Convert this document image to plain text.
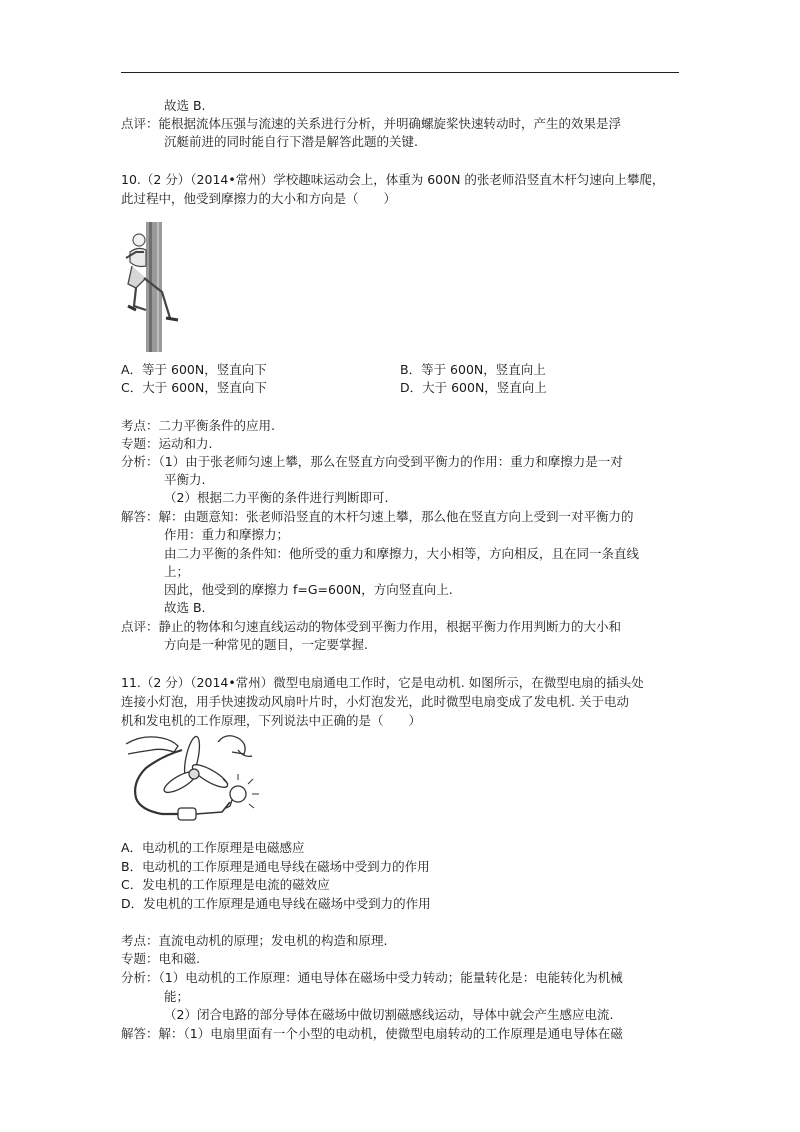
故选 B.
点评：能根据流体压强与流速的关系进行分析，并明确螺旋桨快速转动时，产生的效果是浮
沉艇前进的同时能自行下潜是解答此题的关键.
10.（2 分）（2014•常州）学校趣味运动会上，体重为 600N 的张老师沿竖直木杆匀速向上攀爬，
此过程中，他受到摩擦力的大小和方向是（　　）
A．等于 600N，竖直向下	B．等于 600N，竖直向上
C．大于 600N，竖直向下	D．大于 600N，竖直向上
考点：二力平衡条件的应用.
专题：运动和力.
分析：（1）由于张老师匀速上攀，那么在竖直方向受到平衡力的作用：重力和摩擦力是一对
平衡力.
（2）根据二力平衡的条件进行判断即可.
解答：解：由题意知：张老师沿竖直的木杆匀速上攀，那么他在竖直方向上受到一对平衡力的
作用：重力和摩擦力；
由二力平衡的条件知：他所受的重力和摩擦力，大小相等，方向相反，且在同一条直线
上；
因此，他受到的摩擦力 f=G=600N，方向竖直向上.
故选 B.
点评：静止的物体和匀速直线运动的物体受到平衡力作用，根据平衡力作用判断力的大小和
方向是一种常见的题目，一定要掌握.
11.（2 分）（2014•常州）微型电扇通电工作时，它是电动机. 如图所示，在微型电扇的插头处
连接小灯泡，用手快速拨动风扇叶片时，小灯泡发光，此时微型电扇变成了发电机. 关于电动
机和发电机的工作原理，下列说法中正确的是（　　）
A．电动机的工作原理是电磁感应
B．电动机的工作原理是通电导线在磁场中受到力的作用
C．发电机的工作原理是电流的磁效应
D．发电机的工作原理是通电导线在磁场中受到力的作用
考点：直流电动机的原理；发电机的构造和原理.
专题：电和磁.
分析：（1）电动机的工作原理：通电导体在磁场中受力转动；能量转化是：电能转化为机械
能；
（2）闭合电路的部分导体在磁场中做切割磁感线运动，导体中就会产生感应电流.
解答：解：（1）电扇里面有一个小型的电动机，使微型电扇转动的工作原理是通电导体在磁
